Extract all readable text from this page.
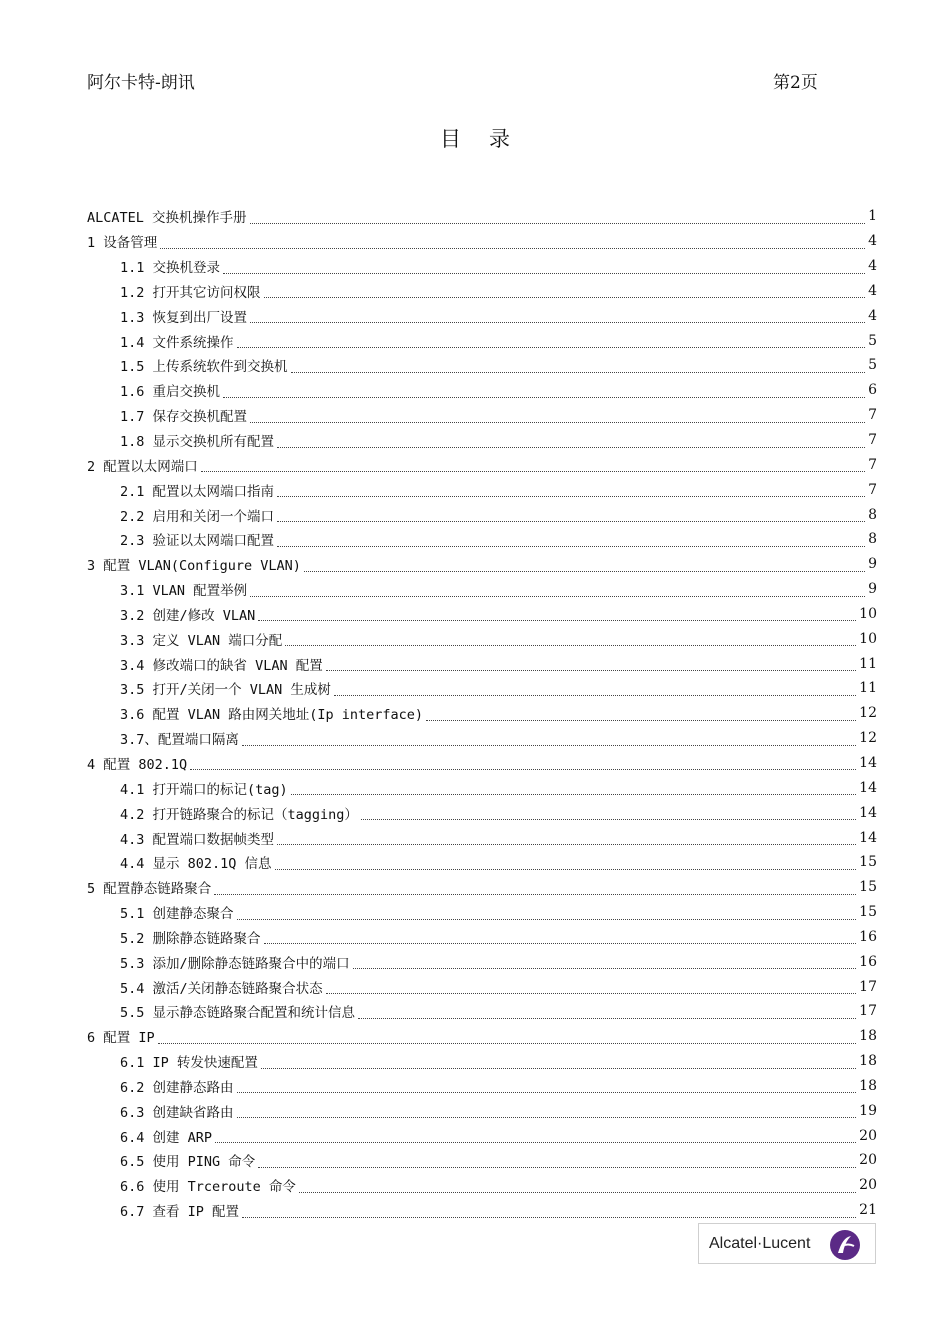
阿尔卡特-朗讯	第2页
目录
ALCATEL 交换机操作手册	1
1 设备管理	4
1.1 交换机登录	4
1.2 打开其它访问权限	4
1.3 恢复到出厂设置	4
1.4 文件系统操作	5
1.5 上传系统软件到交换机	5
1.6 重启交换机	6
1.7 保存交换机配置	7
1.8 显示交换机所有配置	7
2 配置以太网端口	7
2.1 配置以太网端口指南	7
2.2 启用和关闭一个端口	8
2.3 验证以太网端口配置	8
3 配置 VLAN(Configure VLAN)	9
3.1 VLAN 配置举例	9
3.2 创建/修改 VLAN	10
3.3 定义 VLAN 端口分配	10
3.4 修改端口的缺省 VLAN 配置	11
3.5 打开/关闭一个 VLAN 生成树	11
3.6 配置 VLAN 路由网关地址(Ip interface)	12
3.7、配置端口隔离	12
4 配置 802.1Q	14
4.1 打开端口的标记(tag)	14
4.2 打开链路聚合的标记（tagging）	14
4.3 配置端口数据帧类型	14
4.4 显示 802.1Q 信息	15
5 配置静态链路聚合	15
5.1 创建静态聚合	15
5.2 删除静态链路聚合	16
5.3 添加/删除静态链路聚合中的端口	16
5.4 激活/关闭静态链路聚合状态	17
5.5 显示静态链路聚合配置和统计信息	17
6 配置 IP	18
6.1 IP 转发快速配置	18
6.2 创建静态路由	18
6.3 创建缺省路由	19
6.4 创建 ARP	20
6.5 使用 PING 命令	20
6.6 使用 Trceroute 命令	20
6.7 查看 IP 配置	21
Alcatel·Lucent
